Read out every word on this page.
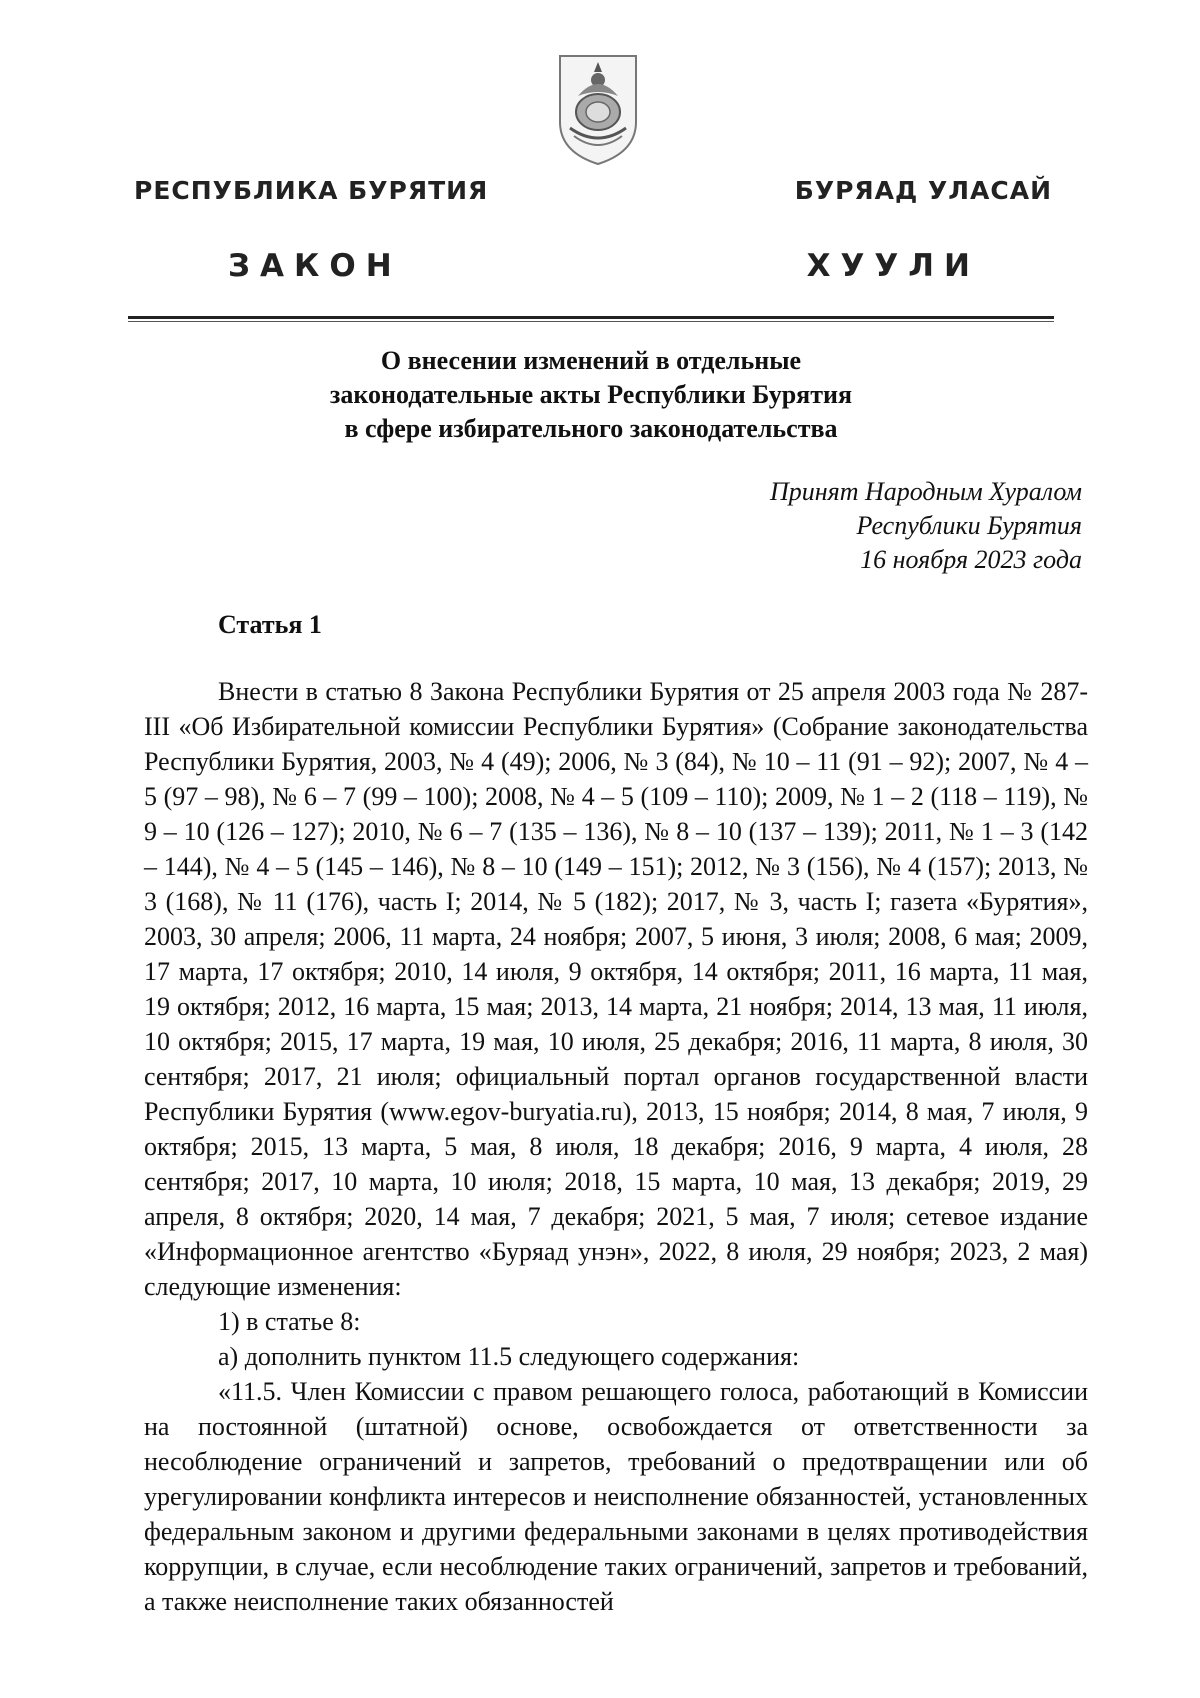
РЕСПУБЛИКА БУРЯТИЯ	БУРЯАД УЛАСАЙ
ЗАКОН	ХУУЛИ
О внесении изменений в отдельные
законодательные акты Республики Бурятия
в сфере избирательного законодательства
Принят Народным Хуралом
Республики Бурятия
16 ноября 2023 года
Статья 1

Внести в статью 8 Закона Республики Бурятия от 25 апреля 2003 года № 287-III «Об Избирательной комиссии Республики Бурятия» (Собрание законодательства Республики Бурятия, 2003, № 4 (49); 2006, № 3 (84), № 10 – 11 (91 – 92); 2007, № 4 – 5 (97 – 98), № 6 – 7 (99 – 100); 2008, № 4 – 5 (109 – 110); 2009, № 1 – 2 (118 – 119), № 9 – 10 (126 – 127); 2010, № 6 – 7 (135 – 136), № 8 – 10 (137 – 139); 2011, № 1 – 3 (142 – 144), № 4 – 5 (145 – 146), № 8 – 10 (149 – 151); 2012, № 3 (156), № 4 (157); 2013, № 3 (168), № 11 (176), часть I; 2014, № 5 (182); 2017, № 3, часть I; газета «Бурятия», 2003, 30 апреля; 2006, 11 марта, 24 ноября; 2007, 5 июня, 3 июля; 2008, 6 мая; 2009, 17 марта, 17 октября; 2010, 14 июля, 9 октября, 14 октября; 2011, 16 марта, 11 мая, 19 октября; 2012, 16 марта, 15 мая; 2013, 14 марта, 21 ноября; 2014, 13 мая, 11 июля, 10 октября; 2015, 17 марта, 19 мая, 10 июля, 25 декабря; 2016, 11 марта, 8 июля, 30 сентября; 2017, 21 июля; официальный портал органов государственной власти Республики Бурятия (www.egov-buryatia.ru), 2013, 15 ноября; 2014, 8 мая, 7 июля, 9 октября; 2015, 13 марта, 5 мая, 8 июля, 18 декабря; 2016, 9 марта, 4 июля, 28 сентября; 2017, 10 марта, 10 июля; 2018, 15 марта, 10 мая, 13 декабря; 2019, 29 апреля, 8 октября; 2020, 14 мая, 7 декабря; 2021, 5 мая, 7 июля; сетевое издание «Информационное агентство «Буряад унэн», 2022, 8 июля, 29 ноября; 2023, 2 мая) следующие изменения:

1) в статье 8:

а) дополнить пунктом 11.5 следующего содержания:

«11.5. Член Комиссии с правом решающего голоса, работающий в Комиссии на постоянной (штатной) основе, освобождается от ответственности за несоблюдение ограничений и запретов, требований о предотвращении или об урегулировании конфликта интересов и неисполнение обязанностей, установленных федеральным законом и другими федеральными законами в целях противодействия коррупции, в случае, если несоблюдение таких ограничений, запретов и требований, а также неисполнение таких обязанностей
